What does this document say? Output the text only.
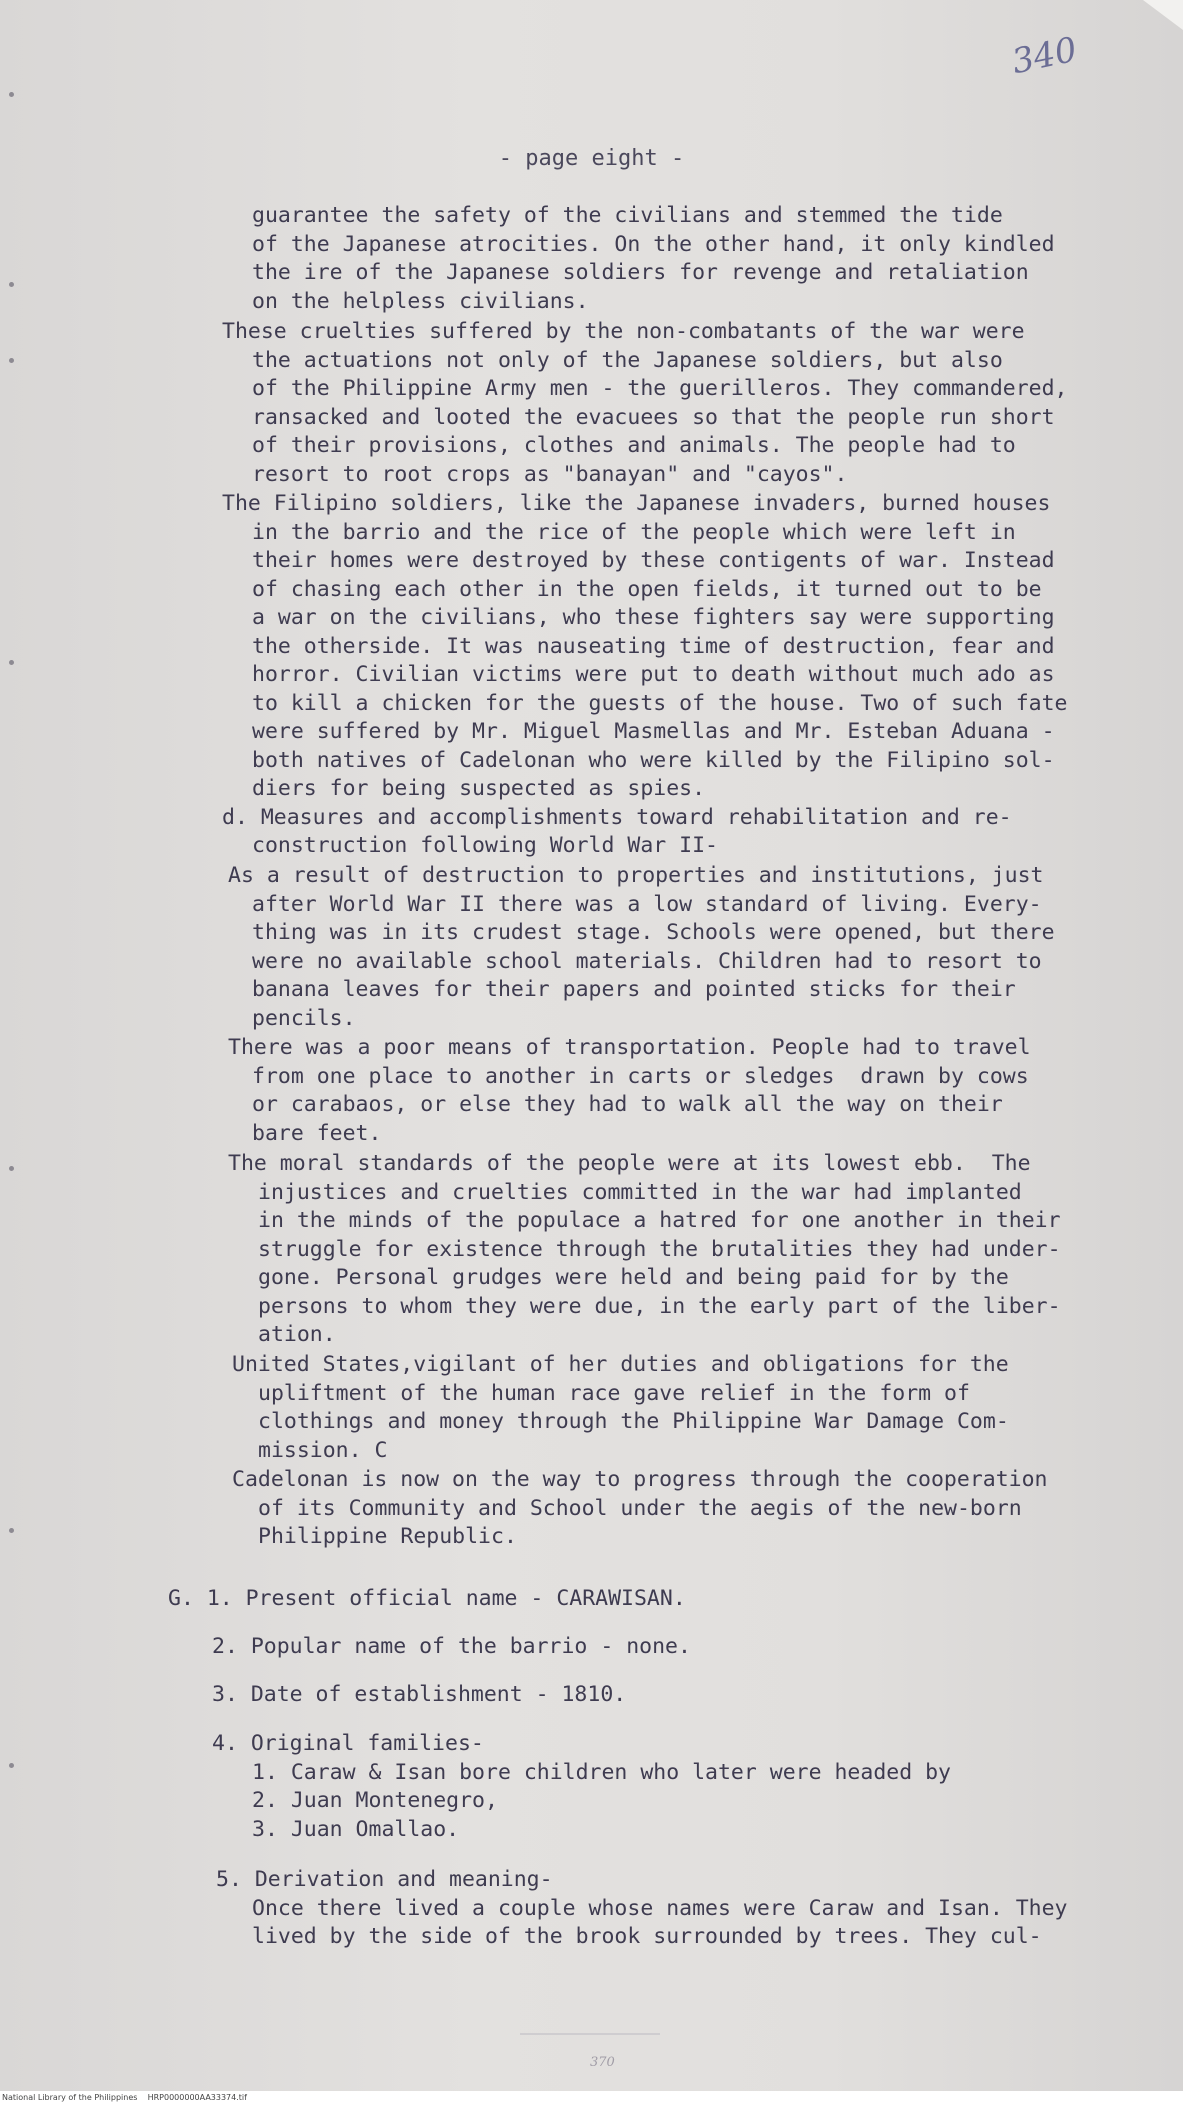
340
- page eight -

guarantee the safety of the civilians and stemmed the tide

of the Japanese atrocities. On the other hand, it only kindled

the ire of the Japanese soldiers for revenge and retaliation

on the helpless civilians.

These cruelties suffered by the non-combatants of the war were

the actuations not only of the Japanese soldiers, but also

of the Philippine Army men - the guerilleros. They commandered,

ransacked and looted the evacuees so that the people run short

of their provisions, clothes and animals. The people had to

resort to root crops as "banayan" and "cayos".

The Filipino soldiers, like the Japanese invaders, burned houses

in the barrio and the rice of the people which were left in

their homes were destroyed by these contigents of war. Instead

of chasing each other in the open fields, it turned out to be

a war on the civilians, who these fighters say were supporting

the otherside. It was nauseating time of destruction, fear and

horror. Civilian victims were put to death without much ado as

to kill a chicken for the guests of the house. Two of such fate

were suffered by Mr. Miguel Masmellas and Mr. Esteban Aduana -

both natives of Cadelonan who were killed by the Filipino sol-

diers for being suspected as spies.

d. Measures and accomplishments toward rehabilitation and re-

construction following World War II-

As a result of destruction to properties and institutions, just

after World War II there was a low standard of living. Every-

thing was in its crudest stage. Schools were opened, but there

were no available school materials. Children had to resort to

banana leaves for their papers and pointed sticks for their

pencils.

There was a poor means of transportation. People had to travel

from one place to another in carts or sledges  drawn by cows

or carabaos, or else they had to walk all the way on their

bare feet.

The moral standards of the people were at its lowest ebb.  The

injustices and cruelties committed in the war had implanted

in the minds of the populace a hatred for one another in their

struggle for existence through the brutalities they had under-

gone. Personal grudges were held and being paid for by the

persons to whom they were due, in the early part of the liber-

ation.

United States,vigilant of her duties and obligations for the

upliftment of the human race gave relief in the form of

clothings and money through the Philippine War Damage Com-

mission. C

Cadelonan is now on the way to progress through the cooperation

of its Community and School under the aegis of the new-born

Philippine Republic.

G. 1. Present official name - CARAWISAN.

2. Popular name of the barrio - none.

3. Date of establishment - 1810.

4. Original families-

1. Caraw & Isan bore children who later were headed by

2. Juan Montenegro,

3. Juan Omallao.

5. Derivation and meaning-

Once there lived a couple whose names were Caraw and Isan. They

lived by the side of the brook surrounded by trees. They cul-

370
National Library of the Philippines    HRP0000000AA33374.tif
